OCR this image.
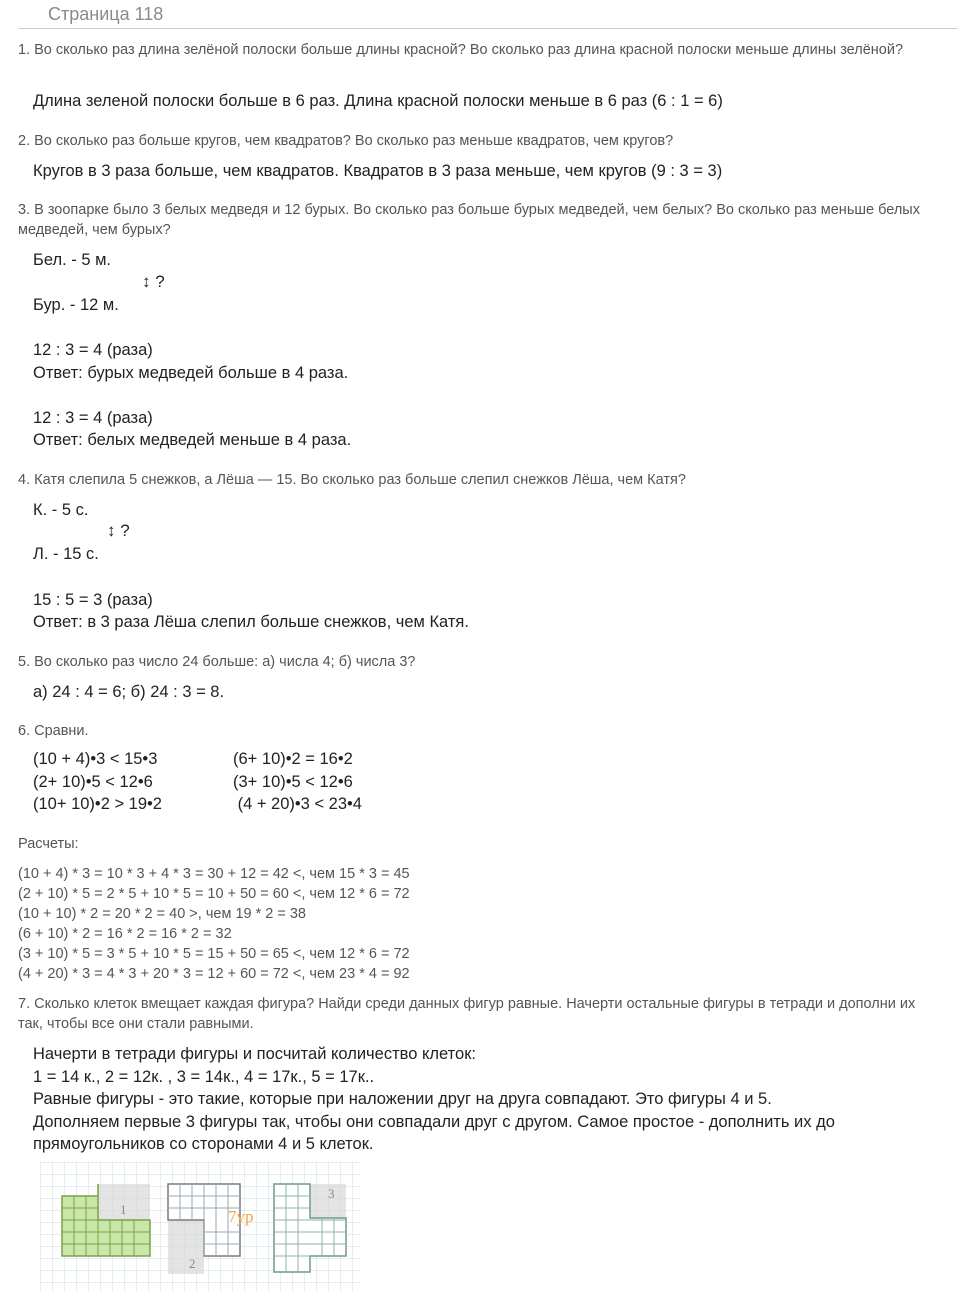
Страница 118
1. Во сколько раз длина зелёной полоски больше длины красной? Во сколько раз длина красной полоски меньше длины зелёной?
Длина зеленой полоски больше в 6 раз. Длина красной полоски меньше в 6 раз (6 : 1 = 6)
2. Во сколько раз больше кругов, чем квадратов? Во сколько раз меньше квадратов, чем кругов?
Кругов в 3 раза больше, чем квадратов. Квадратов в 3 раза меньше, чем кругов (9 : 3 = 3)
3. В зоопарке было 3 белых медведя и 12 бурых. Во сколько раз больше бурых медведей, чем белых? Во сколько раз меньше белых медведей, чем бурых?
Бел. - 5 м.
↕ ?
Бур. - 12 м.
12 : 3 = 4 (раза)
Ответ: бурых медведей больше в 4 раза.
12 : 3 = 4 (раза)
Ответ: белых медведей меньше в 4 раза.
4. Катя слепила 5 снежков, а Лёша — 15. Во сколько раз больше слепил снежков Лёша, чем Катя?
К. - 5 с.
↕ ?
Л. - 15 с.
15 : 5 = 3 (раза)
Ответ: в 3 раза Лёша слепил больше снежков, чем Катя.
5. Во сколько раз число 24 больше: а) числа 4; б) числа 3?
а) 24 : 4 = 6; б) 24 : 3 = 8.
6. Сравни.
(10 + 4)•3 < 15•3
(2+ 10)•5 < 12•6
(10+ 10)•2 > 19•2
(6+ 10)•2 = 16•2
(3+ 10)•5 < 12•6
(4 + 20)•3 < 23•4
Расчеты:
(10 + 4) * 3 = 10 * 3 + 4 * 3 = 30 + 12 = 42 <, чем 15 * 3 = 45
(2 + 10) * 5 = 2 * 5 + 10 * 5 = 10 + 50 = 60 <, чем 12 * 6 = 72
(10 + 10) * 2 = 20 * 2 = 40 >, чем 19 * 2 = 38
(6 + 10) * 2 = 16 * 2 = 16 * 2 = 32
(3 + 10) * 5 = 3 * 5 + 10 * 5 = 15 + 50 = 65 <, чем 12 * 6 = 72
(4 + 20) * 3 = 4 * 3 + 20 * 3 = 12 + 60 = 72 <, чем 23 * 4 = 92
7. Сколько клеток вмещает каждая фигура? Найди среди данных фигур равные. Начерти остальные фигуры в тетради и дополни их так, чтобы все они стали равными.
Начерти в тетради фигуры и посчитай количество клеток:
1 = 14 к., 2 = 12к. , 3 = 14к., 4 = 17к., 5 = 17к..
Равные фигуры - это такие, которые при наложении друг на друга совпадают. Это фигуры 4 и 5.
Дополняем первые 3 фигуры так, чтобы они совпадали друг с другом. Самое простое - дополнить их до
прямоугольников со сторонами 4 и 5 клеток.
1
2
7ур
3
